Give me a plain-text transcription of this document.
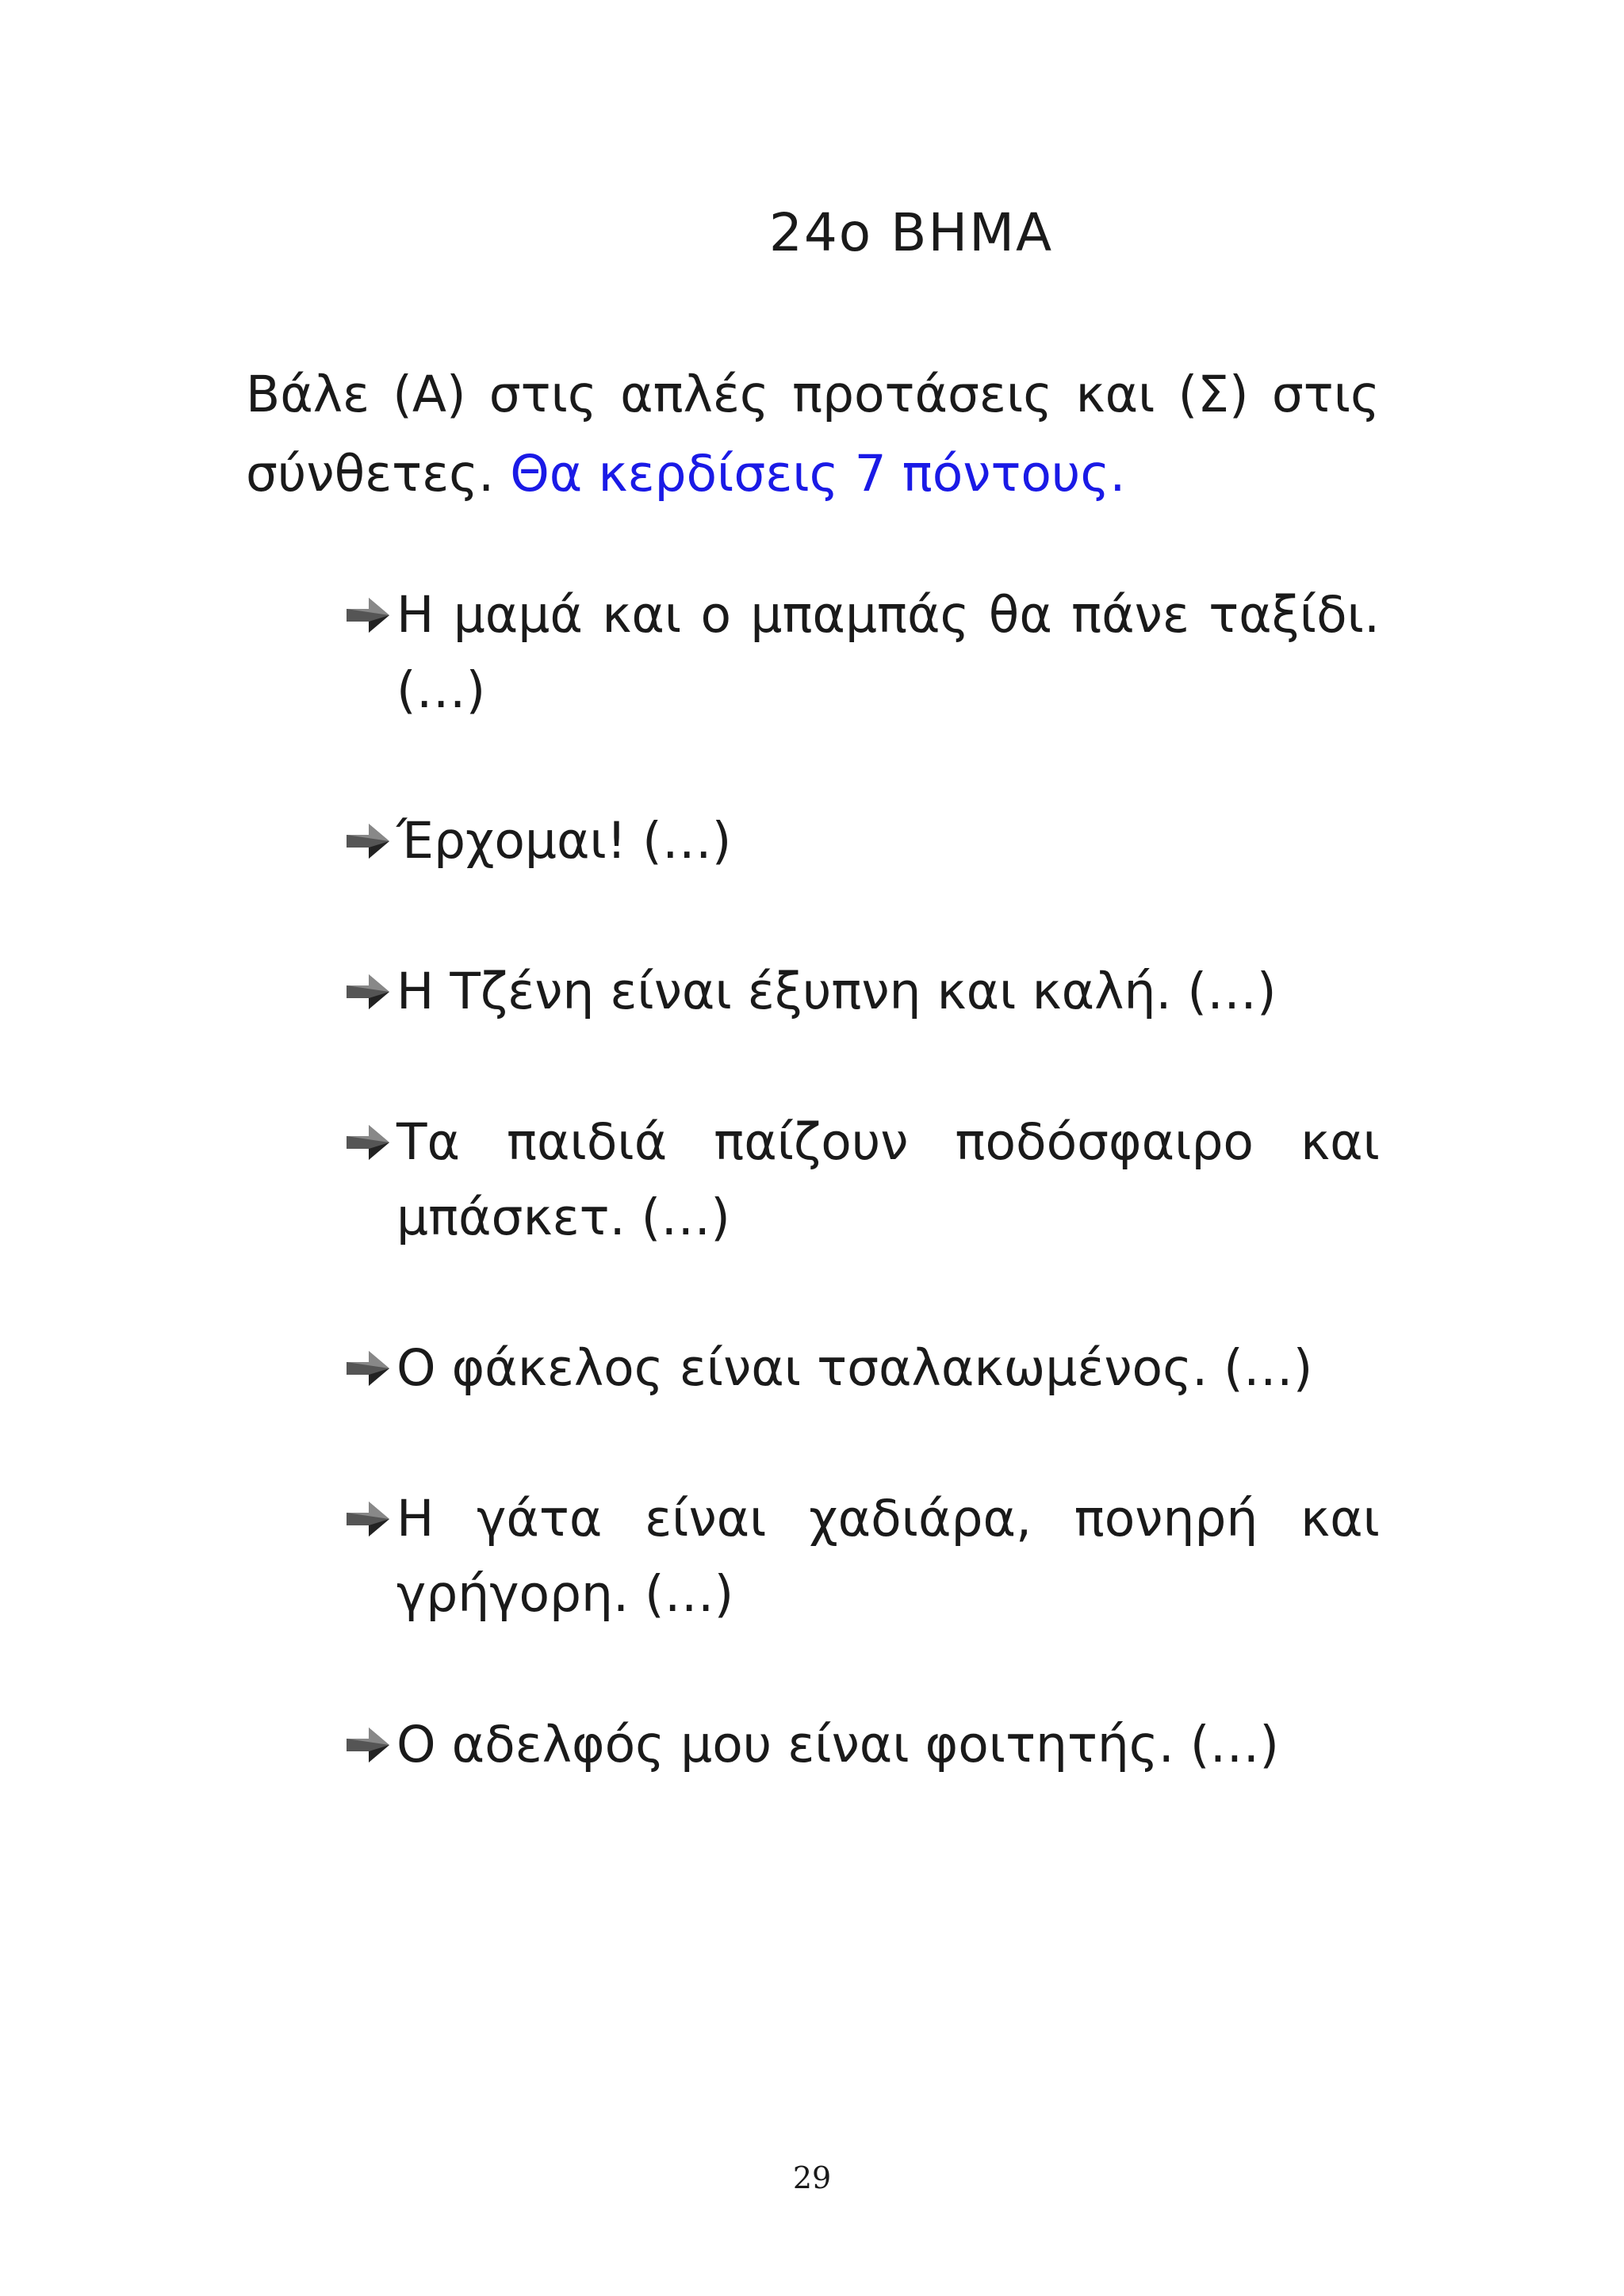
24ο ΒΗΜΑ
Βάλε (Α) στις απλές προτάσεις και (Σ) στις σύνθετες. Θα κερδίσεις 7 πόντους.
Η μαμά και ο μπαμπάς θα πάνε ταξίδι. (…)
Έρχομαι! (…)
Η Τζένη είναι έξυπνη και καλή. (…)
Τα παιδιά παίζουν ποδόσφαιρο και μπάσκετ. (…)
Ο φάκελος είναι τσαλακωμένος. (…)
Η γάτα είναι χαδιάρα, πονηρή και γρήγορη. (…)
Ο αδελφός μου είναι φοιτητής. (…)
29
